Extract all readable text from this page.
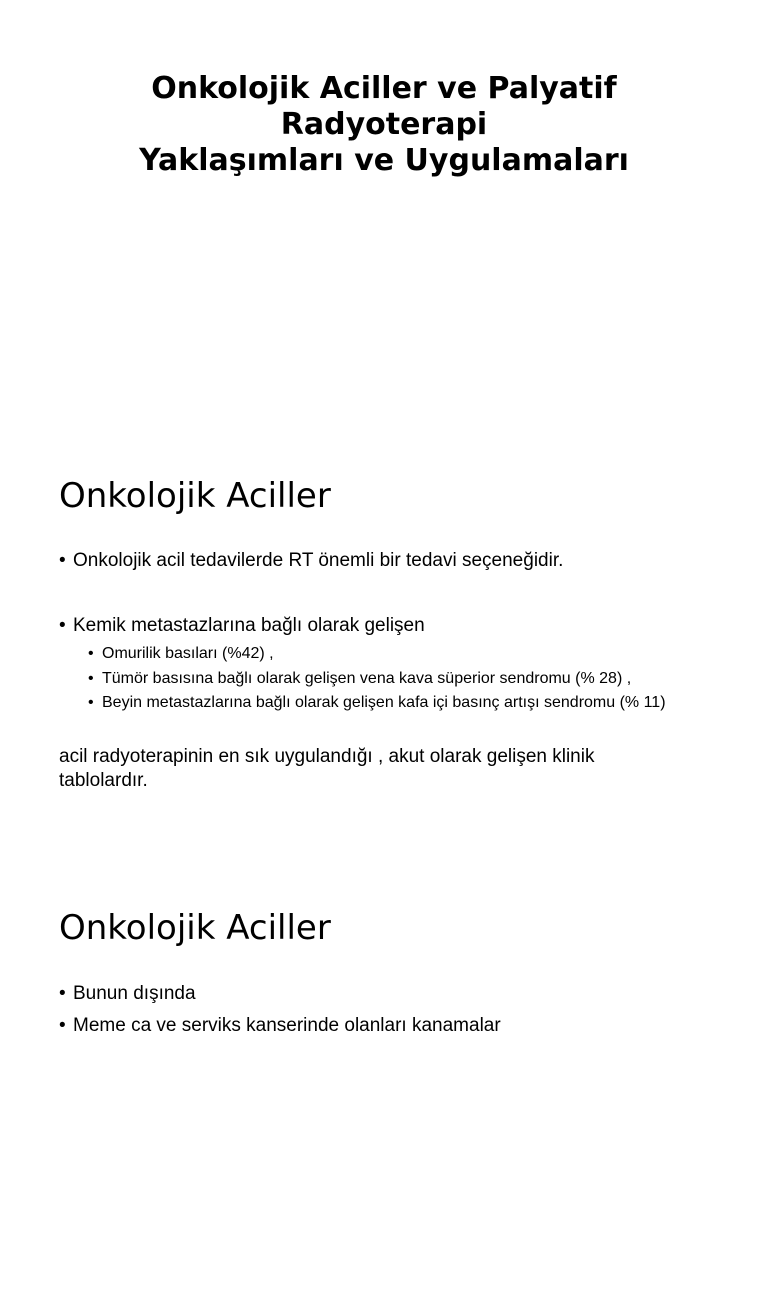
Onkolojik Aciller ve Palyatif
Radyoterapi
Yaklaşımları ve Uygulamaları
Onkolojik Aciller
• Onkolojik acil tedavilerde RT önemli bir tedavi seçeneğidir.
• Kemik metastazlarına bağlı olarak gelişen
• Omurilik basıları (%42) ,
• Tümör basısına bağlı olarak gelişen vena kava süperior sendromu (% 28) ,
• Beyin metastazlarına bağlı olarak gelişen kafa içi basınç artışı sendromu (% 11)

acil radyoterapinin en sık uygulandığı , akut olarak gelişen klinik tablolardır.

Onkolojik Aciller
• Bunun dışında
• Meme ca ve serviks kanserinde olanları kanamalar
